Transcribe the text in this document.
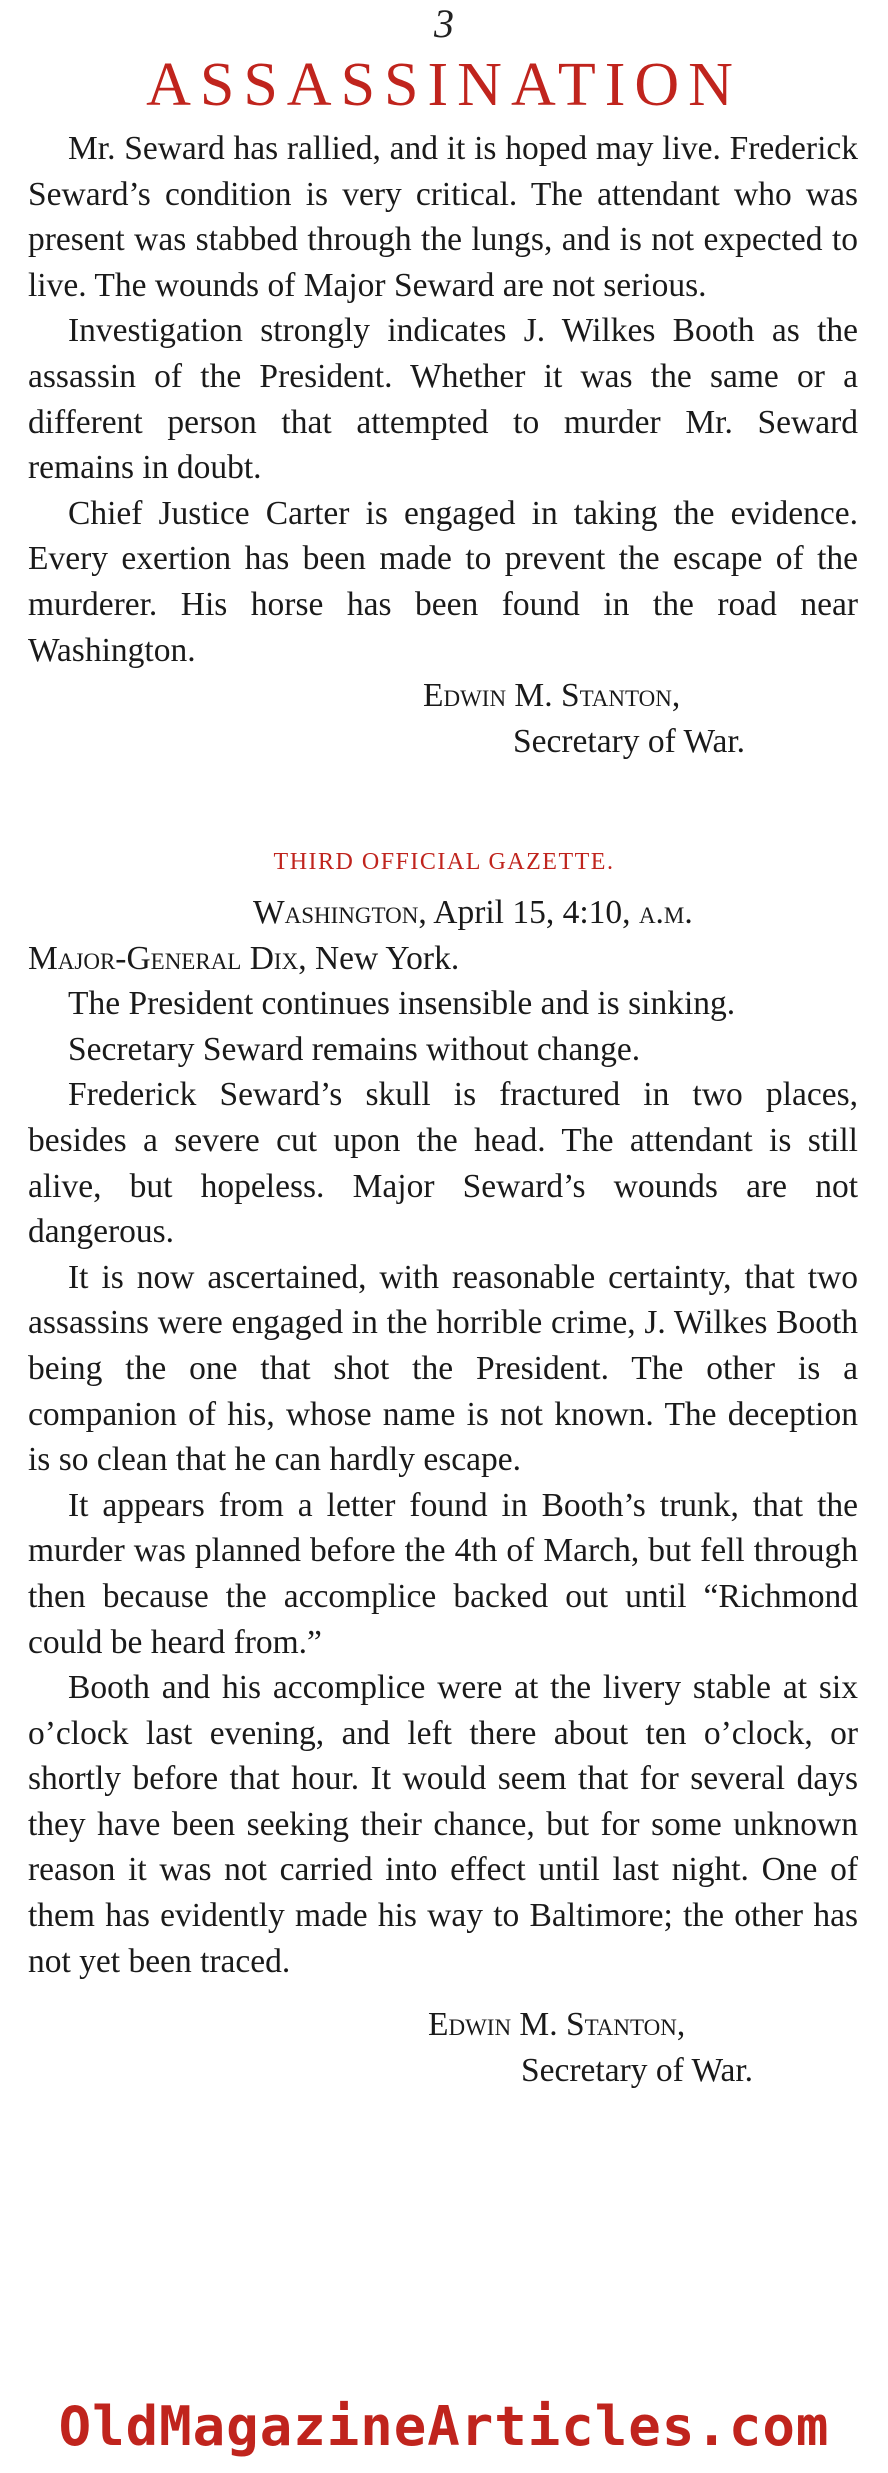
3
ASSASSINATION

Mr. Seward has rallied, and it is hoped may live. Frederick Seward’s condition is very critical. The attendant who was present was stabbed through the lungs, and is not expected to live. The wounds of Major Seward are not serious.

Investigation strongly indicates J. Wilkes Booth as the assassin of the President. Whether it was the same or a different person that attempted to murder Mr. Seward remains in doubt.

Chief Justice Carter is engaged in taking the evidence. Every exertion has been made to prevent the escape of the murderer. His horse has been found in the road near Washington.

Edwin M. Stanton,

Secretary of War.

THIRD OFFICIAL GAZETTE.

Washington, April 15, 4:10, a.m.

Major-General Dix, New York.

The President continues insensible and is sinking.

Secretary Seward remains without change.

Frederick Seward’s skull is fractured in two places, besides a severe cut upon the head. The attendant is still alive, but hopeless. Major Seward’s wounds are not dangerous.

It is now ascertained, with reasonable certainty, that two assassins were engaged in the horrible crime, J. Wilkes Booth being the one that shot the President. The other is a companion of his, whose name is not known. The deception is so clean that he can hardly escape.

It appears from a letter found in Booth’s trunk, that the murder was planned before the 4th of March, but fell through then because the accomplice backed out until “Richmond could be heard from.”

Booth and his accomplice were at the livery stable at six o’clock last evening, and left there about ten o’clock, or shortly before that hour. It would seem that for several days they have been seeking their chance, but for some unknown reason it was not carried into effect until last night. One of them has evidently made his way to Baltimore; the other has not yet been traced.

Edwin M. Stanton,

Secretary of War.

OldMagazineArticles.com
